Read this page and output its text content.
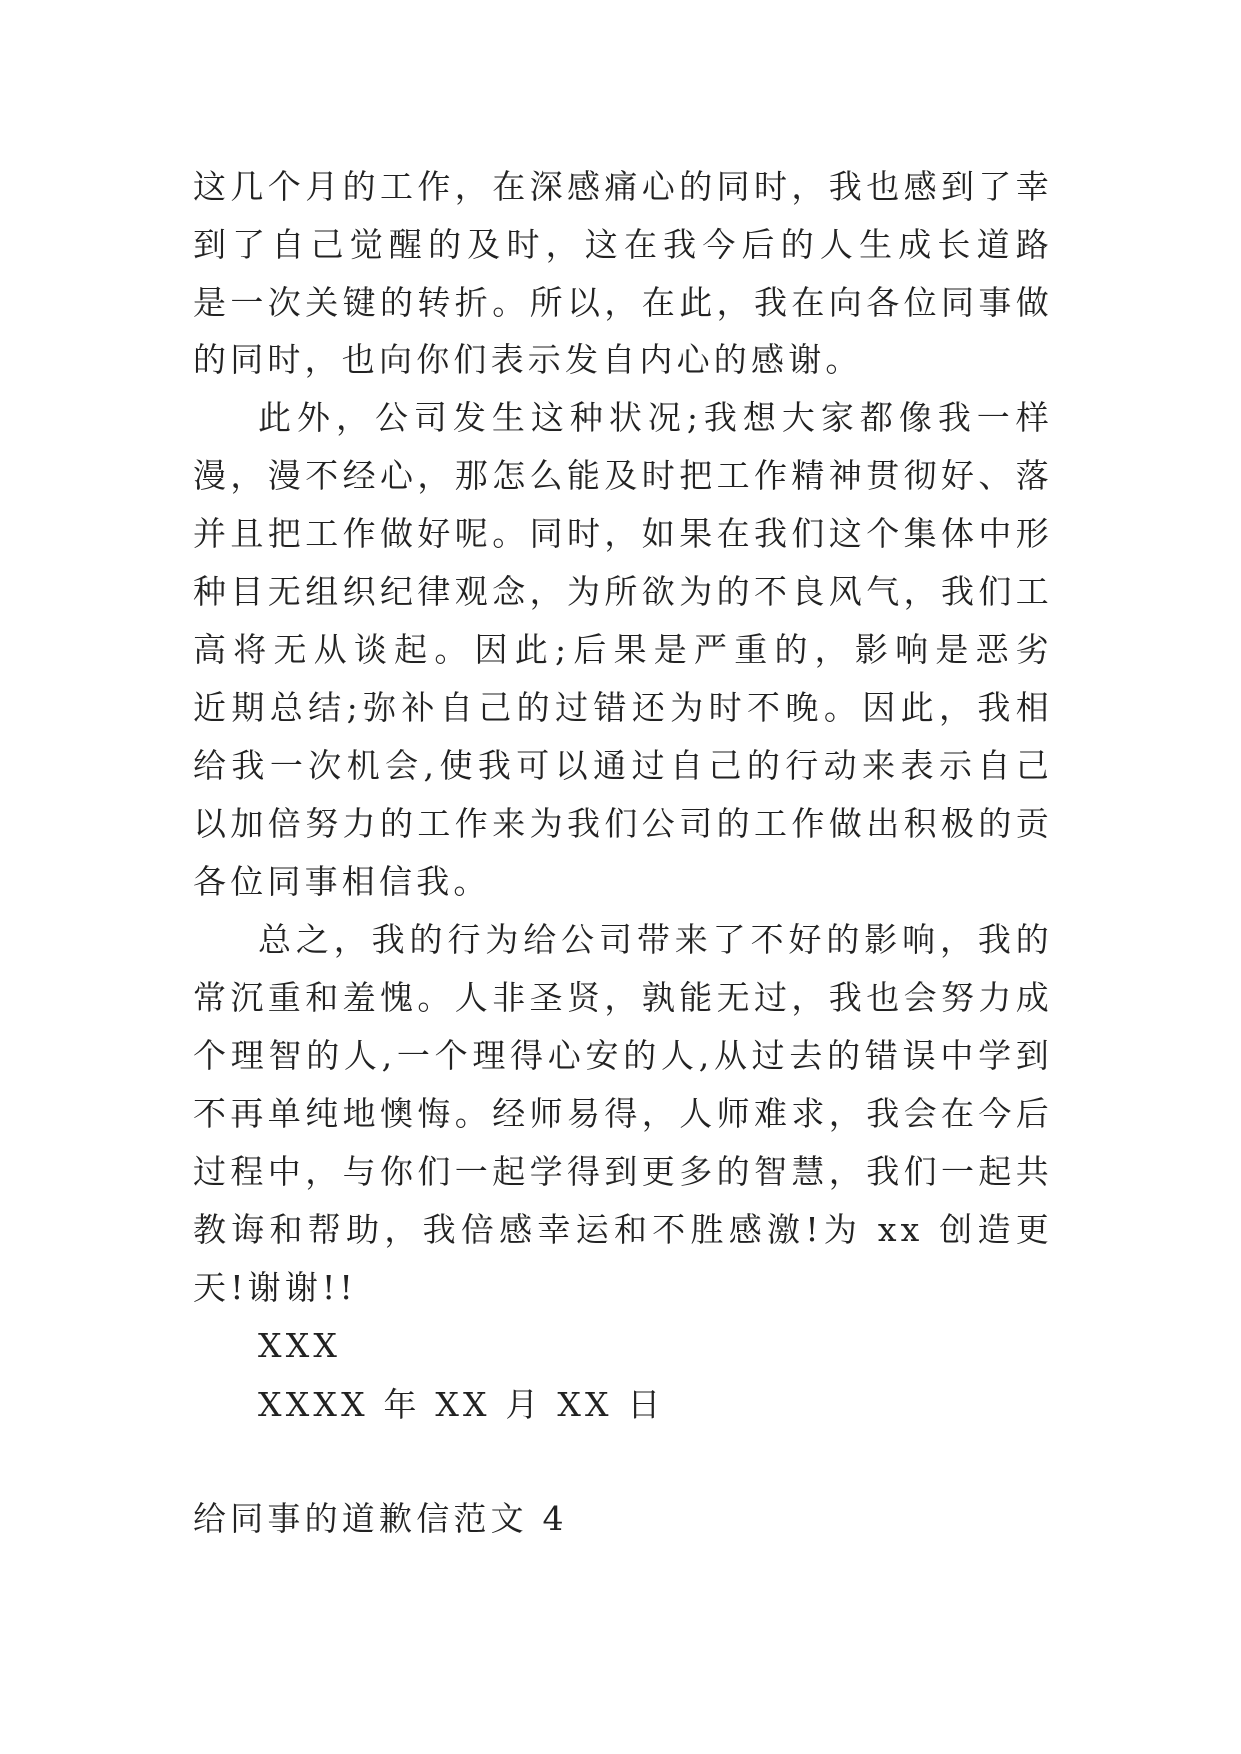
这几个月的工作，在深感痛心的同时，我也感到了幸
到了自己觉醒的及时，这在我今后的人生成长道路
是一次关键的转折。所以，在此，我在向各位同事做
的同时，也向你们表示发自内心的感谢。
此外，公司发生这种状况;我想大家都像我一样
漫，漫不经心，那怎么能及时把工作精神贯彻好、落
并且把工作做好呢。同时，如果在我们这个集体中形
种目无组织纪律观念，为所欲为的不良风气，我们工
高将无从谈起。因此;后果是严重的，影响是恶劣
近期总结;弥补自己的过错还为时不晚。因此，我相
给我一次机会,使我可以通过自己的行动来表示自己
以加倍努力的工作来为我们公司的工作做出积极的贡
各位同事相信我。
总之，我的行为给公司带来了不好的影响，我的
常沉重和羞愧。人非圣贤，孰能无过，我也会努力成
个理智的人,一个理得心安的人,从过去的错误中学到
不再单纯地懊悔。经师易得，人师难求，我会在今后
过程中，与你们一起学得到更多的智慧，我们一起共
教诲和帮助，我倍感幸运和不胜感激!为 xx 创造更
天!谢谢!!
XXX
XXXX 年 XX 月 XX 日
给同事的道歉信范文 4
